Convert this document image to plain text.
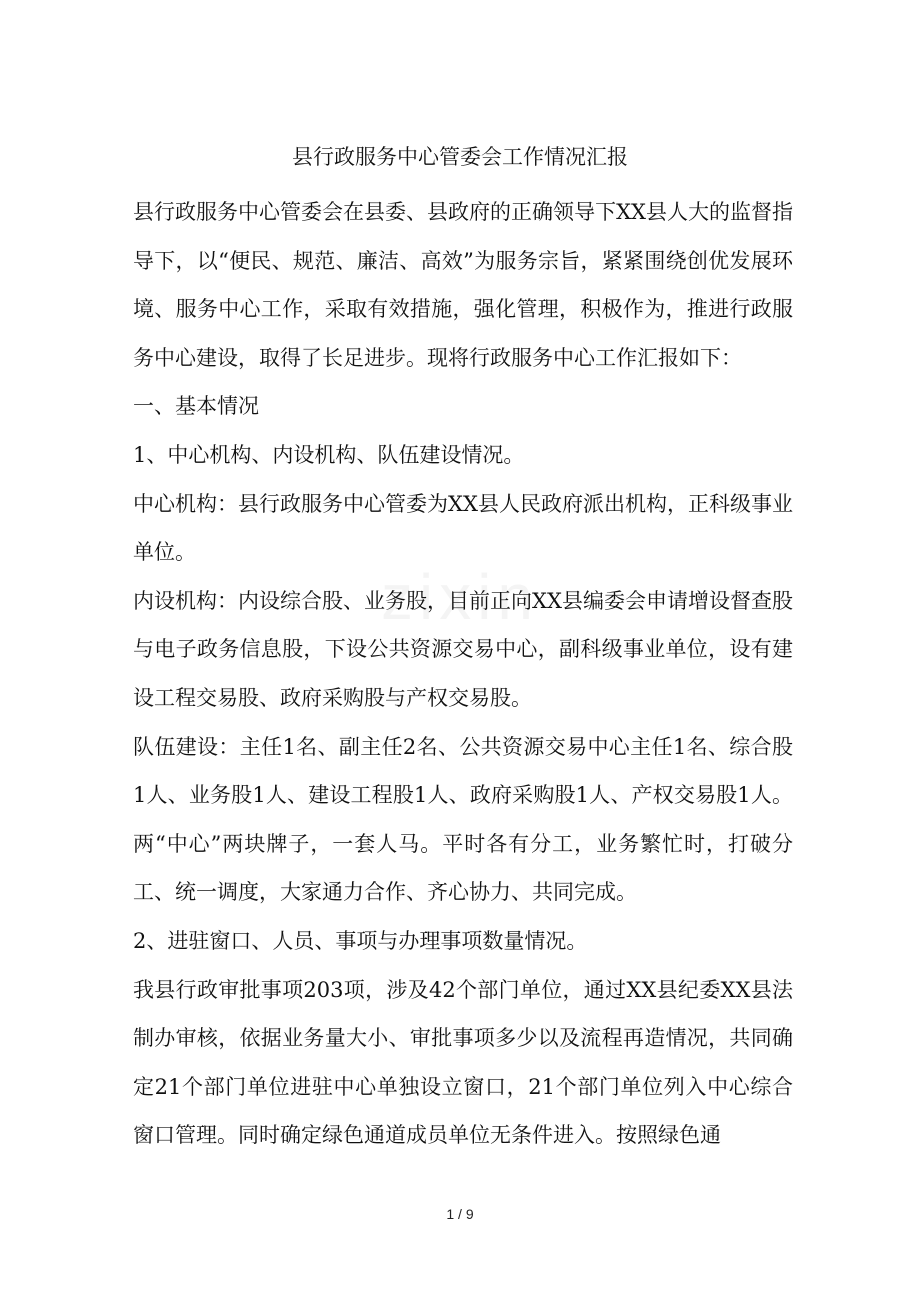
县行政服务中心管委会工作情况汇报

县行政服务中心管委会在县委、县政府的正确领导下XX县人大的监督指导下，以“便民、规范、廉洁、高效”为服务宗旨，紧紧围绕创优发展环境、服务中心工作，采取有效措施，强化管理，积极作为，推进行政服务中心建设，取得了长足进步。现将行政服务中心工作汇报如下：

一、基本情况

1、中心机构、内设机构、队伍建设情况。

中心机构：县行政服务中心管委为XX县人民政府派出机构，正科级事业单位。

内设机构：内设综合股、业务股，目前正向XX县编委会申请增设督查股与电子政务信息股，下设公共资源交易中心，副科级事业单位，设有建设工程交易股、政府采购股与产权交易股。

队伍建设：主任1名、副主任2名、公共资源交易中心主任1名、综合股1人、业务股1人、建设工程股1人、政府采购股1人、产权交易股1人。两“中心”两块牌子，一套人马。平时各有分工，业务繁忙时，打破分工、统一调度，大家通力合作、齐心协力、共同完成。

2、进驻窗口、人员、事项与办理事项数量情况。

我县行政审批事项203项，涉及42个部门单位，通过XX县纪委XX县法制办审核，依据业务量大小、审批事项多少以及流程再造情况，共同确定21个部门单位进驻中心单独设立窗口，21个部门单位列入中心综合窗口管理。同时确定绿色通道成员单位无条件进入。按照绿色通

1 / 9
